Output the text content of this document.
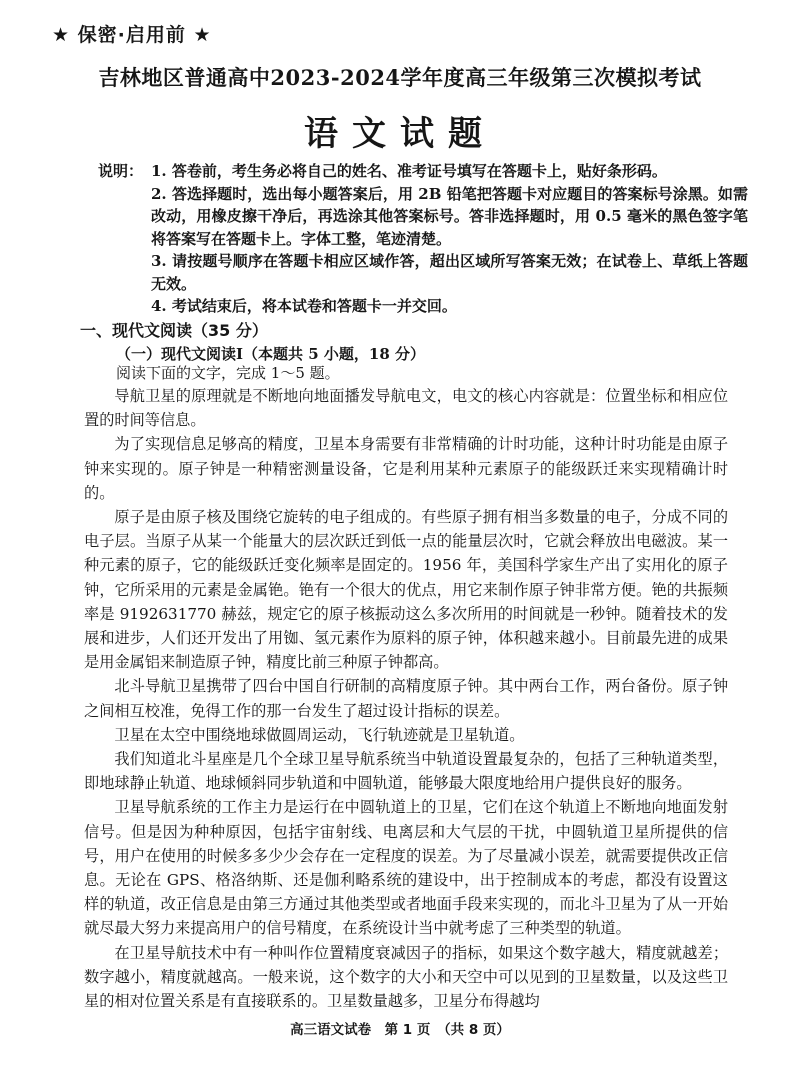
★ 保密·启用前 ★
吉林地区普通高中2023-2024学年度高三年级第三次模拟考试
语文试题
说明： 1. 答卷前，考生务必将自己的姓名、准考证号填写在答题卡上，贴好条形码。
2. 答选择题时，选出每小题答案后，用 2B 铅笔把答题卡对应题目的答案标号涂黑。如需改动，用橡皮擦干净后，再选涂其他答案标号。答非选择题时，用 0.5 毫米的黑色签字笔将答案写在答题卡上。字体工整，笔迹清楚。
3. 请按题号顺序在答题卡相应区域作答，超出区域所写答案无效；在试卷上、草纸上答题无效。
4. 考试结束后，将本试卷和答题卡一并交回。
一、现代文阅读（35 分）
（一）现代文阅读Ⅰ（本题共 5 小题，18 分）
阅读下面的文字，完成 1～5 题。

导航卫星的原理就是不断地向地面播发导航电文，电文的核心内容就是：位置坐标和相应位置的时间等信息。

为了实现信息足够高的精度，卫星本身需要有非常精确的计时功能，这种计时功能是由原子钟来实现的。原子钟是一种精密测量设备，它是利用某种元素原子的能级跃迁来实现精确计时的。

原子是由原子核及围绕它旋转的电子组成的。有些原子拥有相当多数量的电子，分成不同的电子层。当原子从某一个能量大的层次跃迁到低一点的能量层次时，它就会释放出电磁波。某一种元素的原子，它的能级跃迁变化频率是固定的。1956 年，美国科学家生产出了实用化的原子钟，它所采用的元素是金属铯。铯有一个很大的优点，用它来制作原子钟非常方便。铯的共振频率是 9192631770 赫兹，规定它的原子核振动这么多次所用的时间就是一秒钟。随着技术的发展和进步，人们还开发出了用铷、氢元素作为原料的原子钟，体积越来越小。目前最先进的成果是用金属铝来制造原子钟，精度比前三种原子钟都高。

北斗导航卫星携带了四台中国自行研制的高精度原子钟。其中两台工作，两台备份。原子钟之间相互校准，免得工作的那一台发生了超过设计指标的误差。

卫星在太空中围绕地球做圆周运动，飞行轨迹就是卫星轨道。

我们知道北斗星座是几个全球卫星导航系统当中轨道设置最复杂的，包括了三种轨道类型，即地球静止轨道、地球倾斜同步轨道和中圆轨道，能够最大限度地给用户提供良好的服务。

卫星导航系统的工作主力是运行在中圆轨道上的卫星，它们在这个轨道上不断地向地面发射信号。但是因为种种原因，包括宇宙射线、电离层和大气层的干扰，中圆轨道卫星所提供的信号，用户在使用的时候多多少少会存在一定程度的误差。为了尽量减小误差，就需要提供改正信息。无论在 GPS、格洛纳斯、还是伽利略系统的建设中，出于控制成本的考虑，都没有设置这样的轨道，改正信息是由第三方通过其他类型或者地面手段来实现的，而北斗卫星为了从一开始就尽最大努力来提高用户的信号精度，在系统设计当中就考虑了三种类型的轨道。

在卫星导航技术中有一种叫作位置精度衰减因子的指标，如果这个数字越大，精度就越差；数字越小，精度就越高。一般来说，这个数字的大小和天空中可以见到的卫星数量，以及这些卫星的相对位置关系是有直接联系的。卫星数量越多，卫星分布得越均

高三语文试卷　第 1 页　（共 8 页）
